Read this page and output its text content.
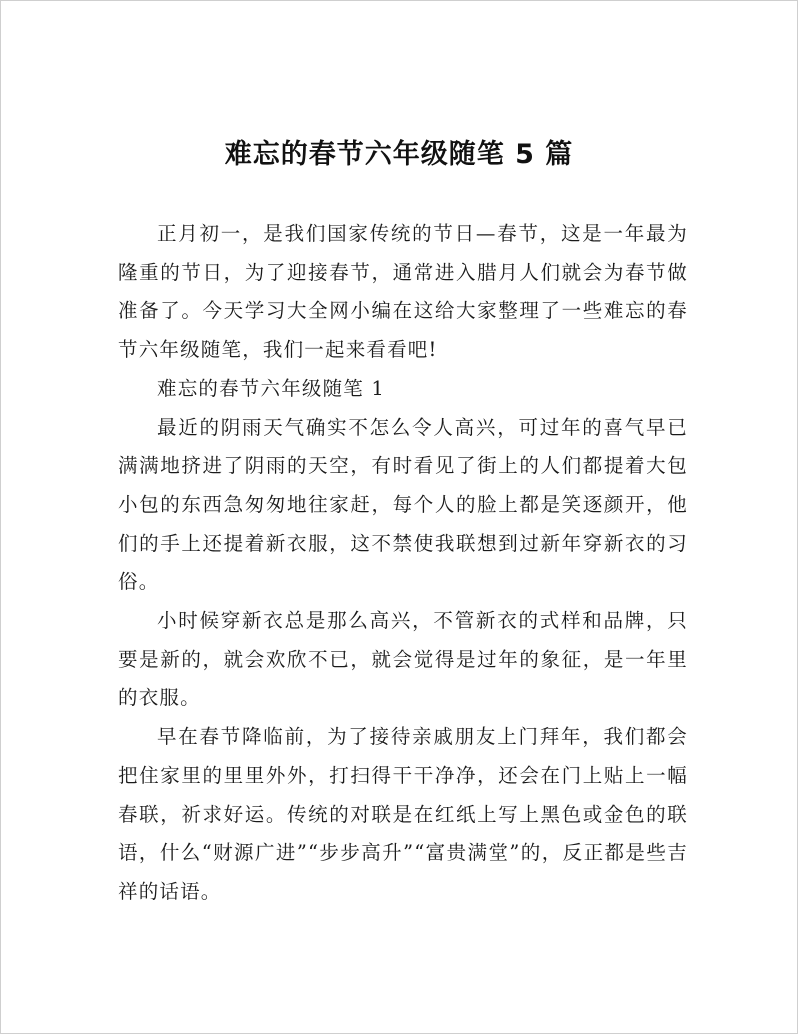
难忘的春节六年级随笔 5 篇

正月初一，是我们国家传统的节日—春节，这是一年最为隆重的节日，为了迎接春节，通常进入腊月人们就会为春节做准备了。今天学习大全网小编在这给大家整理了一些难忘的春节六年级随笔，我们一起来看看吧!

难忘的春节六年级随笔 1

最近的阴雨天气确实不怎么令人高兴，可过年的喜气早已满满地挤进了阴雨的天空，有时看见了街上的人们都提着大包小包的东西急匆匆地往家赶，每个人的脸上都是笑逐颜开，他们的手上还提着新衣服，这不禁使我联想到过新年穿新衣的习俗。

小时候穿新衣总是那么高兴，不管新衣的式样和品牌，只要是新的，就会欢欣不已，就会觉得是过年的象征，是一年里的衣服。

早在春节降临前，为了接待亲戚朋友上门拜年，我们都会把住家里的里里外外，打扫得干干净净，还会在门上贴上一幅春联，祈求好运。传统的对联是在红纸上写上黑色或金色的联语，什么“财源广进”“步步高升”“富贵满堂”的，反正都是些吉祥的话语。
